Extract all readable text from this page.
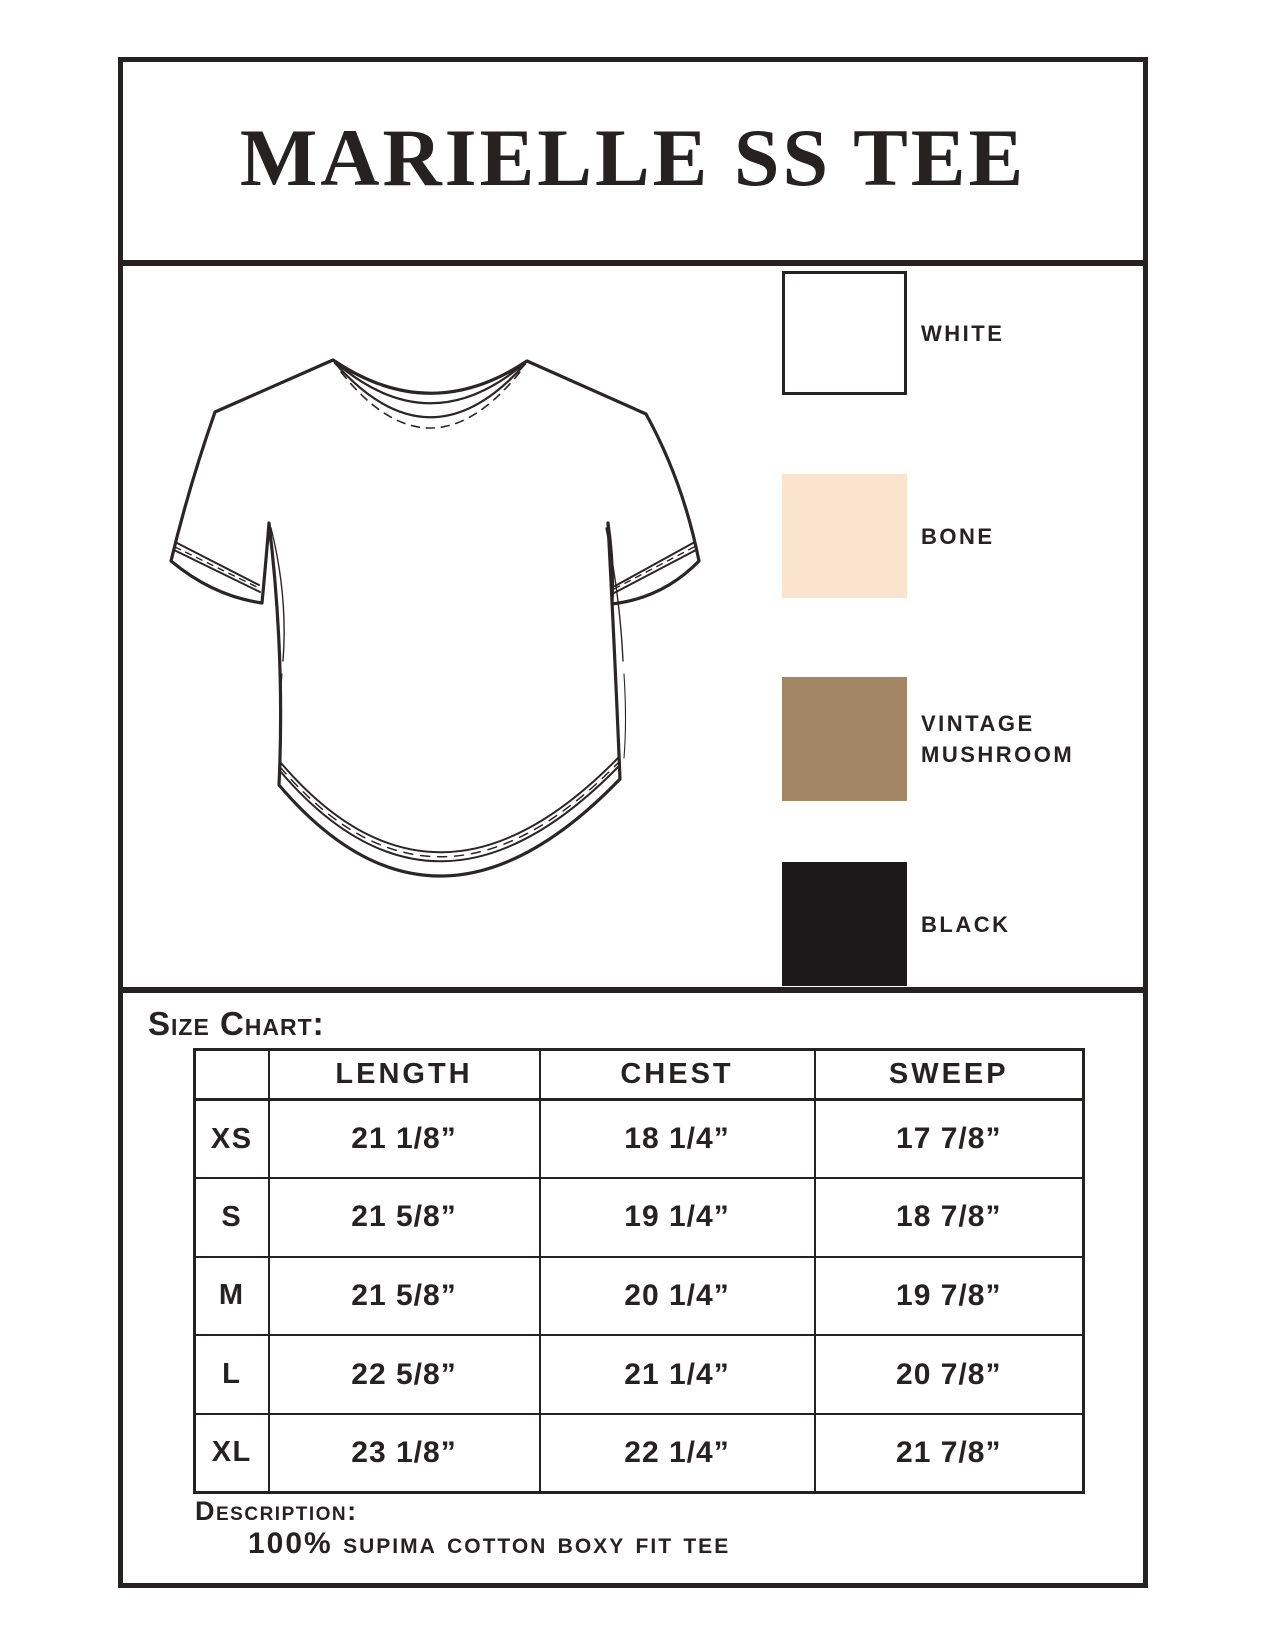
MARIELLE SS TEE
WHITE
BONE
VINTAGE MUSHROOM
BLACK
Size Chart:
	LENGTH	CHEST	SWEEP
XS	21 1/8”	18 1/4”	17 7/8”
S	21 5/8”	19 1/4”	18 7/8”
M	21 5/8”	20 1/4”	19 7/8”
L	22 5/8”	21 1/4”	20 7/8”
XL	23 1/8”	22 1/4”	21 7/8”
Description:
100% supima cotton boxy fit tee
